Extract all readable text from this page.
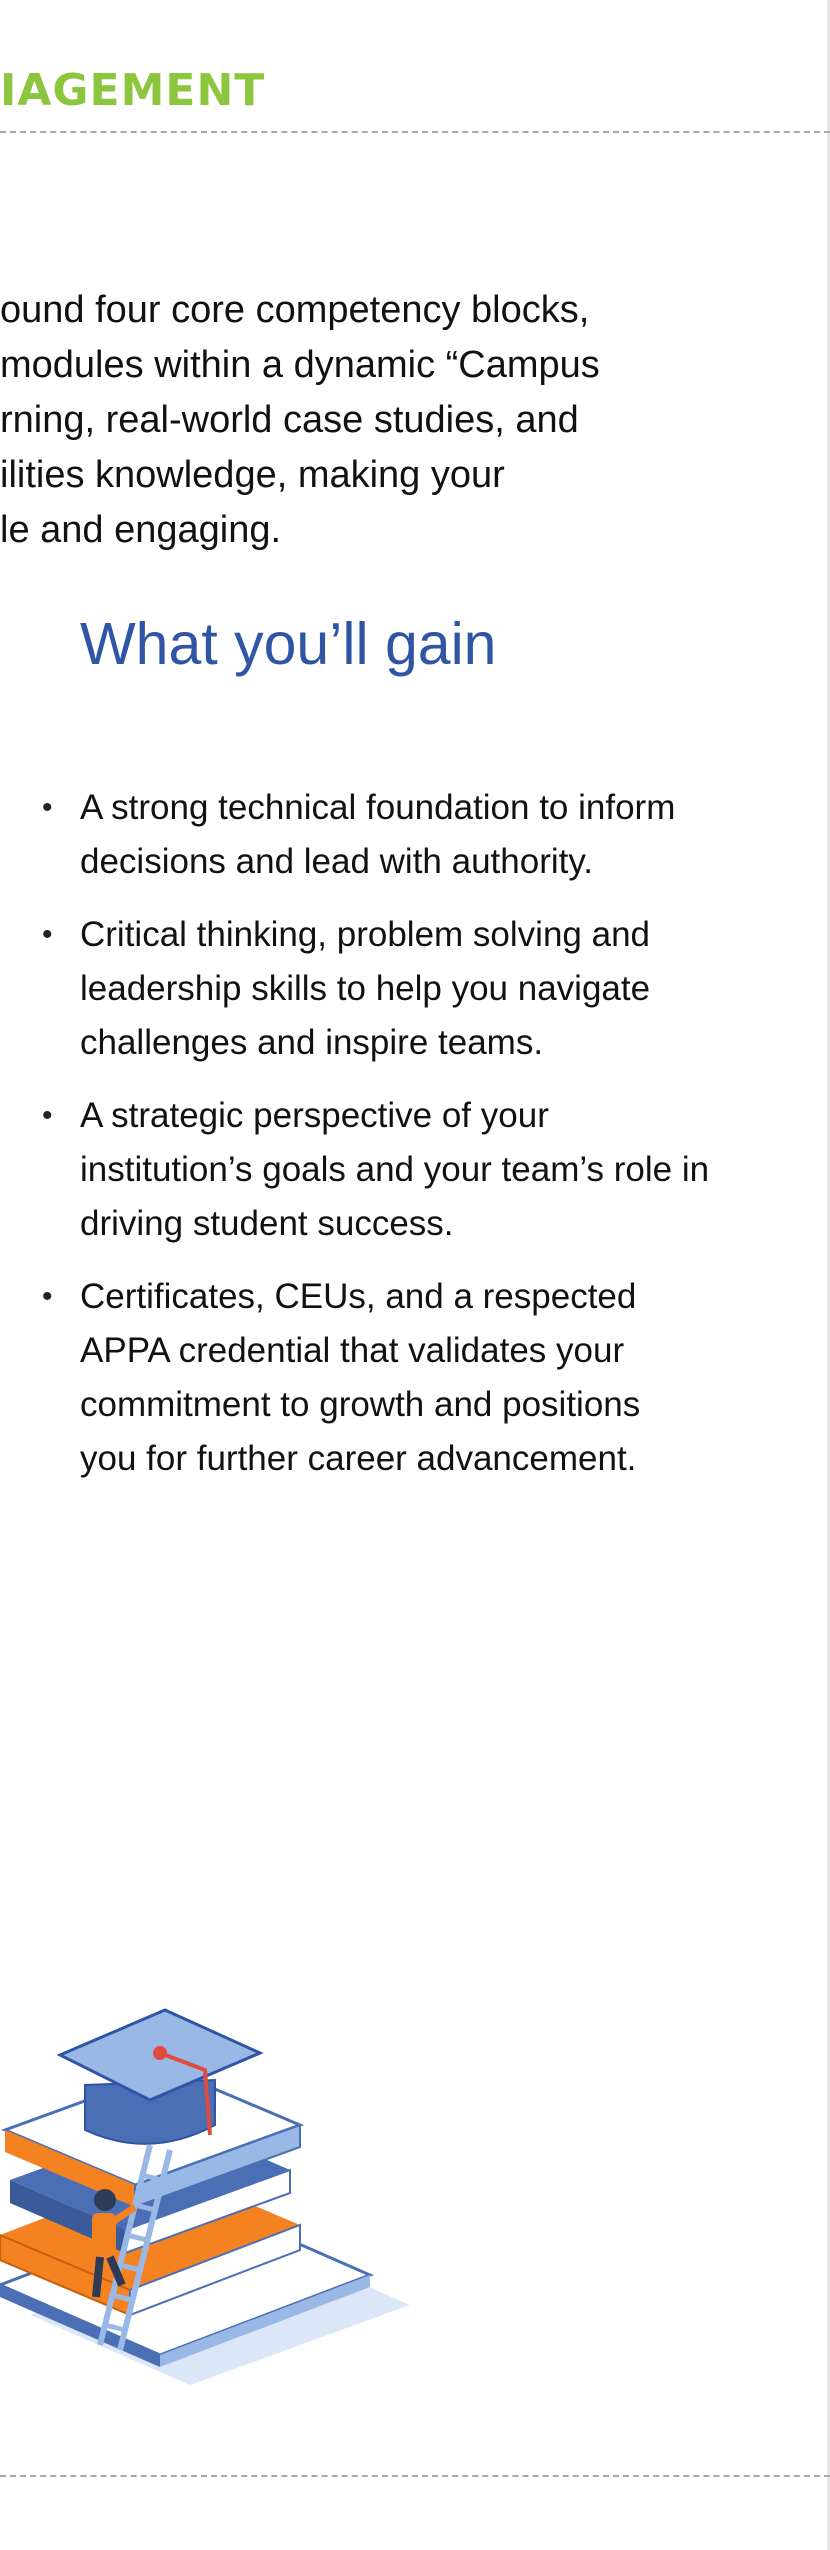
IAGEMENT
ound four core competency blocks,
modules within a dynamic “Campus
rning, real-world case studies, and
ilities knowledge, making your
le and engaging.
What you’ll gain
• A strong technical foundation to inform
decisions and lead with authority.
• Critical thinking, problem solving and
leadership skills to help you navigate
challenges and inspire teams.
• A strategic perspective of your
institution’s goals and your team’s role in
driving student success.
• Certificates, CEUs, and a respected
APPA credential that validates your
commitment to growth and positions
you for further career advancement.
